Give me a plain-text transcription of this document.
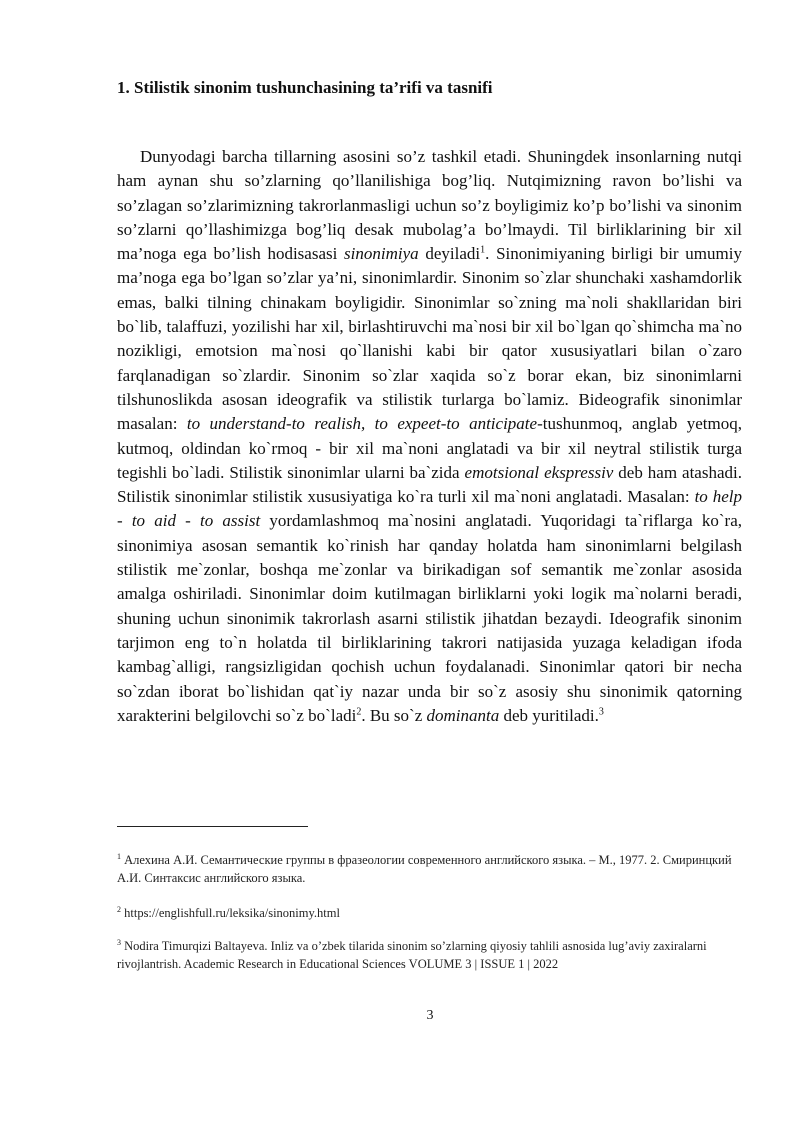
1. Stilistik sinonim tushunchasining ta’rifi va tasnifi

Dunyodagi barcha tillarning asosini so’z tashkil etadi. Shuningdek insonlarning nutqi ham aynan shu so’zlarning qo’llanilishiga bog’liq. Nutqimizning ravon bo’lishi va so’zlagan so’zlarimizning takrorlanmasligi uchun so’z boyligimiz ko’p bo’lishi va sinonim so’zlarni qo’llashimizga bog’liq desak mubolag’a bo’lmaydi. Til birliklarining bir xil ma’noga ega bo’lish hodisasasi sinonimiya deyiladi$^1$. Sinonimiyaning birligi bir umumiy ma’noga ega bo’lgan so’zlar ya’ni, sinonimlardir. Sinonim so`zlar shunchaki xashamdorlik emas, balki tilning chinakam boyligidir. Sinonimlar so`zning ma`noli shakllaridan biri bo`lib, talaffuzi, yozilishi har xil, birlashtiruvchi ma`nosi bir xil bo`lgan qo`shimcha ma`no nozikligi, emotsion ma`nosi qo`llanishi kabi bir qator xususiyatlari bilan o`zaro farqlanadigan so`zlardir. Sinonim so`zlar xaqida so`z borar ekan, biz sinonimlarni tilshunoslikda asosan ideografik va stilistik turlarga bo`lamiz. Bideografik sinonimlar masalan: to understand-to realish, to expeet-to anticipate-tushunmoq, anglab yetmoq, kutmoq, oldindan ko`rmoq - bir xil ma`noni anglatadi va bir xil neytral stilistik turga tegishli bo`ladi. Stilistik sinonimlar ularni ba`zida emotsional ekspressiv deb ham atashadi. Stilistik sinonimlar stilistik xususiyatiga ko`ra turli xil ma`noni anglatadi. Masalan: to help - to aid - to assist yordamlashmoq ma`nosini anglatadi. Yuqoridagi ta`riflarga ko`ra, sinonimiya asosan semantik ko`rinish har qanday holatda ham sinonimlarni belgilash stilistik me`zonlar, boshqa me`zonlar va birikadigan sof semantik me`zonlar asosida amalga oshiriladi. Sinonimlar doim kutilmagan birliklarni yoki logik ma`nolarni beradi, shuning uchun sinonimik takrorlash asarni stilistik jihatdan bezaydi. Ideografik sinonim tarjimon eng to`n holatda til birliklarining takrori natijasida yuzaga keladigan ifoda kambag`alligi, rangsizligidan qochish uchun foydalanadi. Sinonimlar qatori bir necha so`zdan iborat bo`lishidan qat`iy nazar unda bir so`z asosiy shu sinonimik qatorning xarakterini belgilovchi so`z bo`ladi$^2$. Bu so`z dominanta deb yuritiladi.$^3$

$^1$ Алехина А.И. Семантические группы в фразеологии современного английского языка. – М., 1977. 2. Смиринцкий А.И. Синтаксис английского языка.

$^2$ https://englishfull.ru/leksika/sinonimy.html

$^3$ Nodira Timurqizi Baltayeva. Inliz va o’zbek tilarida sinonim so’zlarning qiyosiy tahlili asnosida lug’aviy zaxiralarni rivojlantrish. Academic Research in Educational Sciences VOLUME 3 | ISSUE 1 | 2022

3
